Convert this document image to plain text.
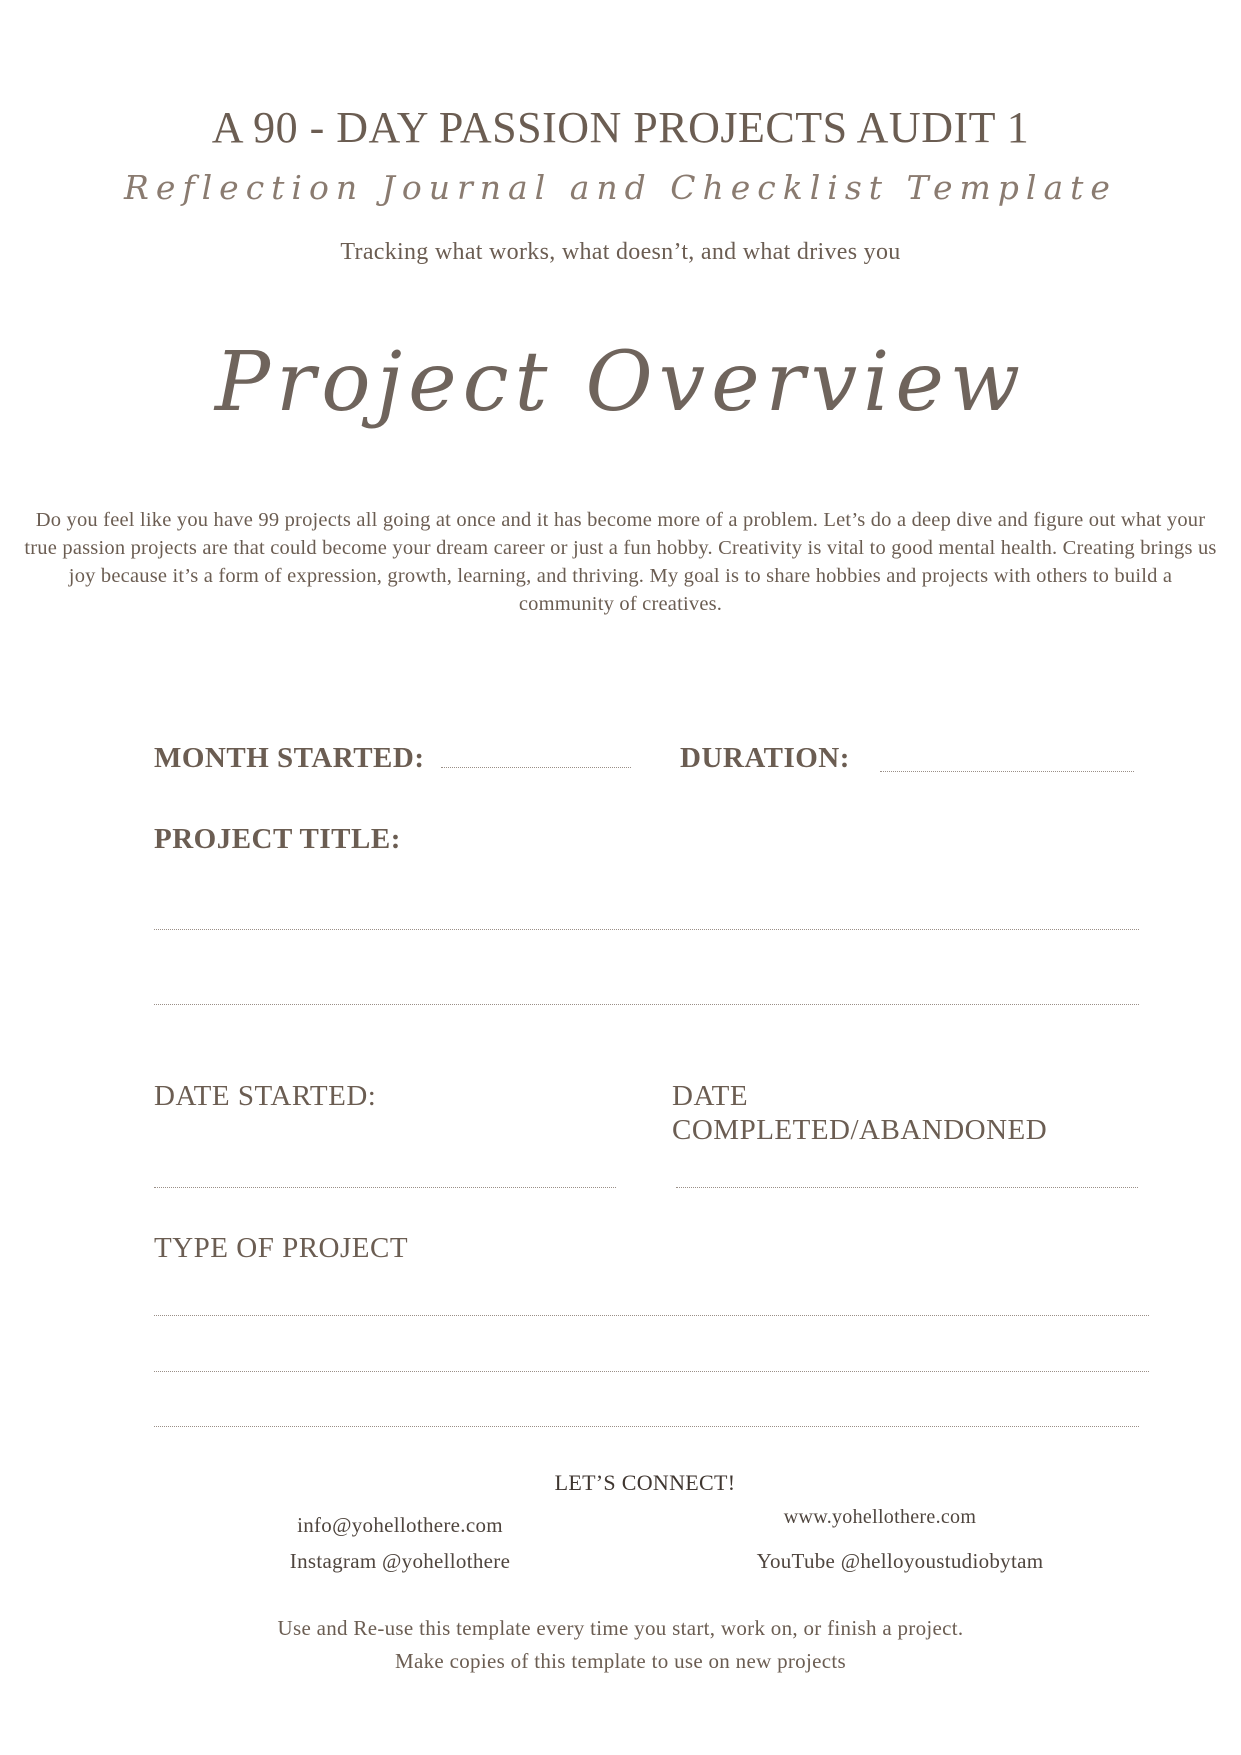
A 90 - DAY PASSION PROJECTS AUDIT 1
Reflection Journal and Checklist Template
Tracking what works, what doesn’t, and what drives you
Project Overview
Do you feel like you have 99 projects all going at once and it has become more of a problem. Let’s do a deep dive and figure out what your true passion projects are that could become your dream career or just a fun hobby. Creativity is vital to good mental health. Creating brings us joy because it’s a form of expression, growth, learning, and thriving. My goal is to share hobbies and projects with others to build a community of creatives.
MONTH STARTED:	DURATION:
PROJECT TITLE:
DATE STARTED:	DATE
COMPLETED/ABANDONED
TYPE OF PROJECT
LET’S CONNECT!
info@yohellothere.com	www.yohellothere.com
Instagram @yohellothere	YouTube @helloyoustudiobytam
Use and Re-use this template every time you start, work on, or finish a project.
Make copies of this template to use on new projects
